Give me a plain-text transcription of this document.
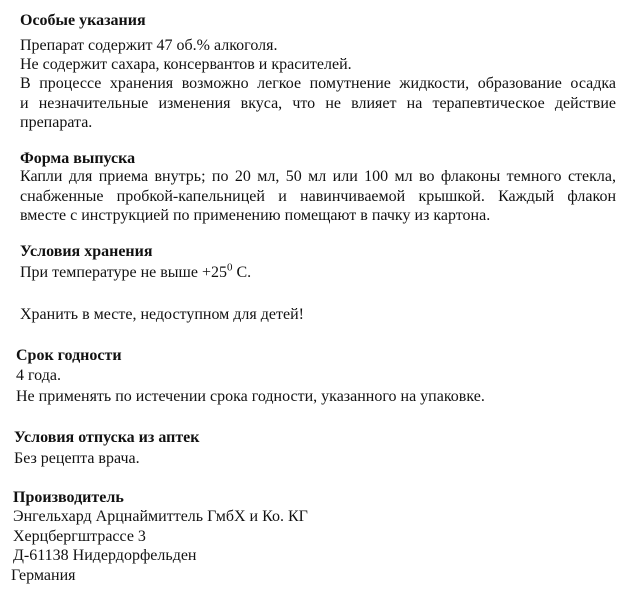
Особые указания
Препарат содержит 47 об.% алкоголя.
Не содержит сахара, консервантов и красителей.
В процессе хранения возможно легкое помутнение жидкости, образование осадка
и незначительные изменения вкуса, что не влияет на терапевтическое действие
препарата.
Форма выпуска
Капли для приема внутрь; по 20 мл, 50 мл или 100 мл во флаконы темного стекла,
снабженные пробкой-капельницей и навинчиваемой крышкой. Каждый флакон
вместе с инструкцией по применению помещают в пачку из картона.
Условия хранения
При температуре не выше $+25^0$ С.
Хранить в месте, недоступном для детей!
Срок годности
4 года.
Не применять по истечении срока годности, указанного на упаковке.
Условия отпуска из аптек
Без рецепта врача.
Производитель
Энгельхард Арцнаймиттель ГмбХ и Ко. КГ
Херцбергштрассе 3
Д-61138 Нидердорфельден
Германия
